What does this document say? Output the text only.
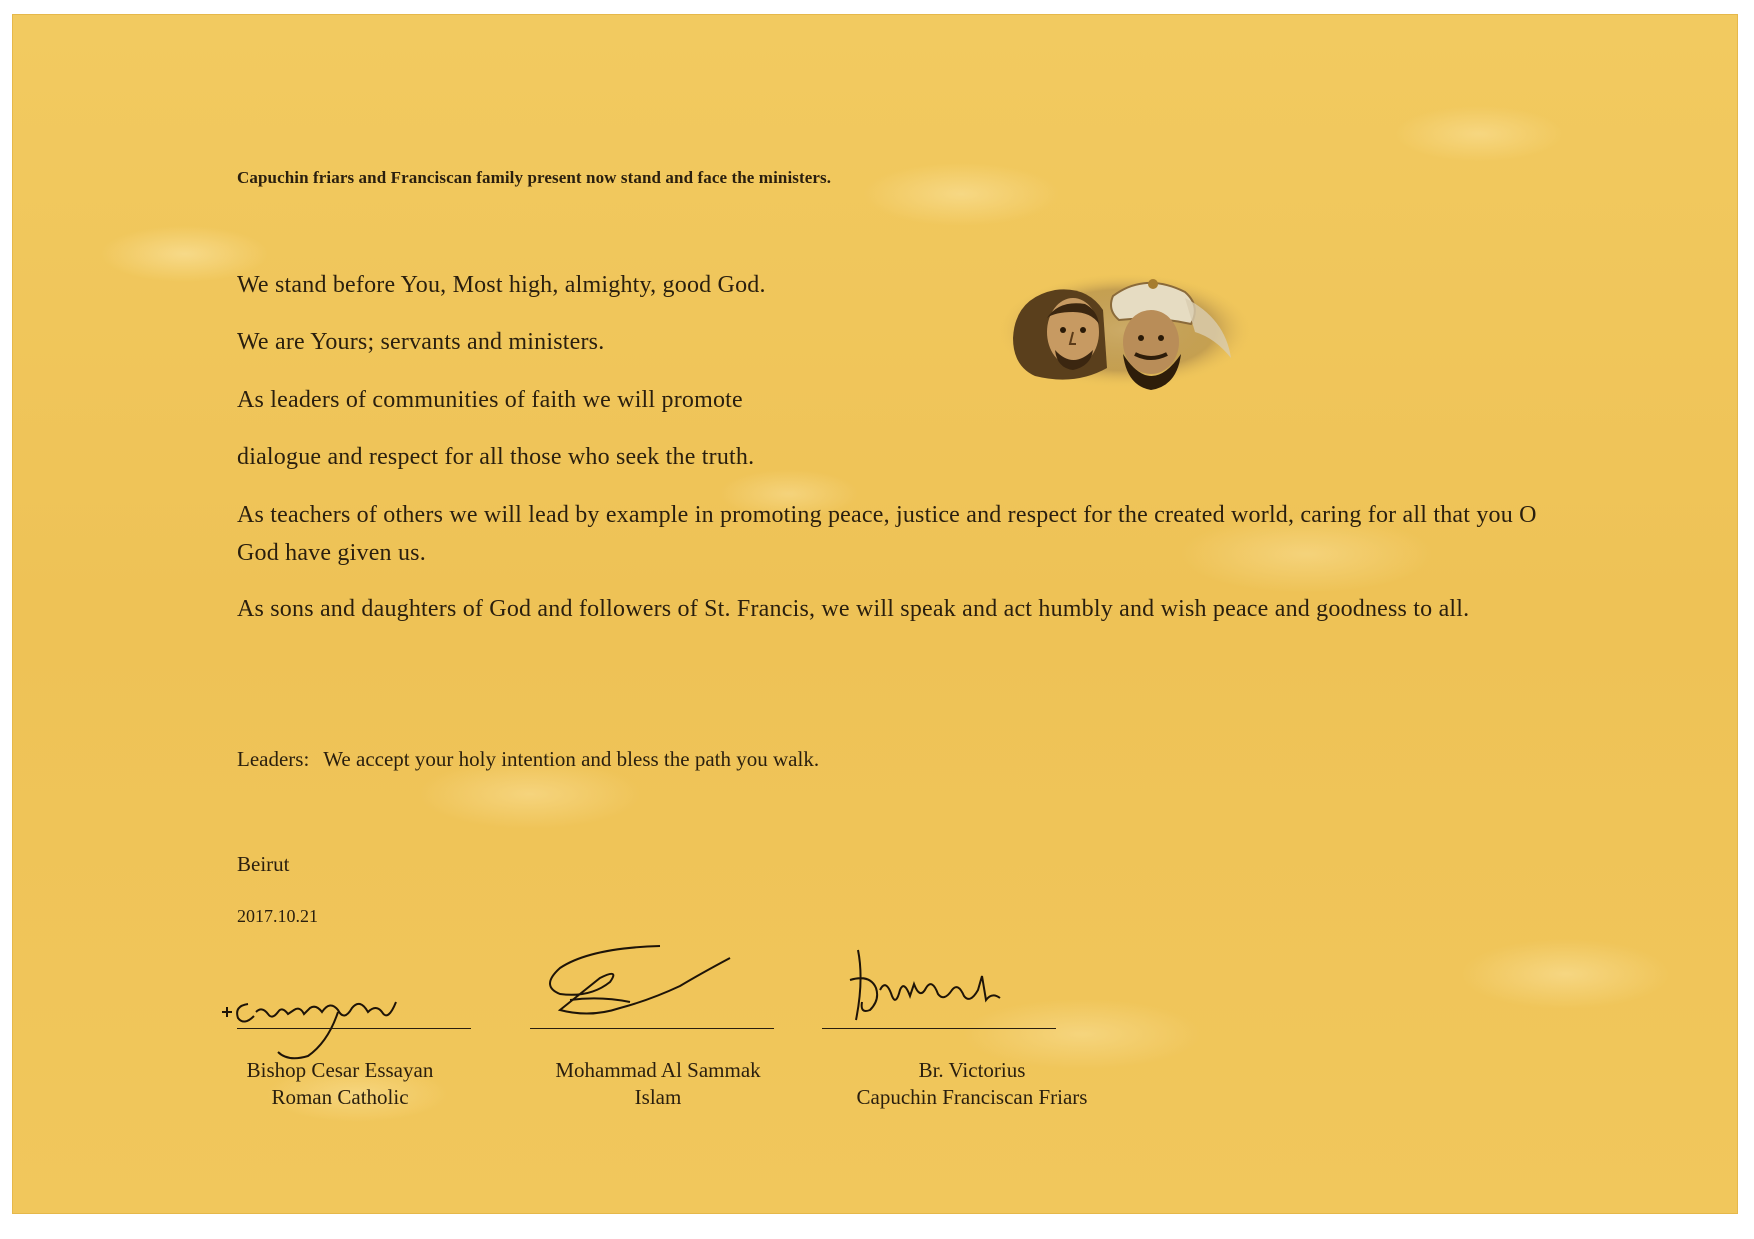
Capuchin friars and Franciscan family present now stand and face the ministers.
We stand before You, Most high, almighty, good God.
We are Yours; servants and ministers.
As leaders of communities of faith we will promote
dialogue and respect for all those who seek the truth.
As teachers of others we will lead by example in promoting peace, justice and respect for the created world, caring for all that you O God have given us.
As sons and daughters of God and followers of St. Francis, we will speak and act humbly and wish peace and goodness to all.
Leaders: We accept your holy intention and bless the path you walk.
Beirut
2017.10.21
Bishop Cesar Essayan
Roman Catholic
Mohammad Al Sammak
Islam
Br. Victorius
Capuchin Franciscan Friars
